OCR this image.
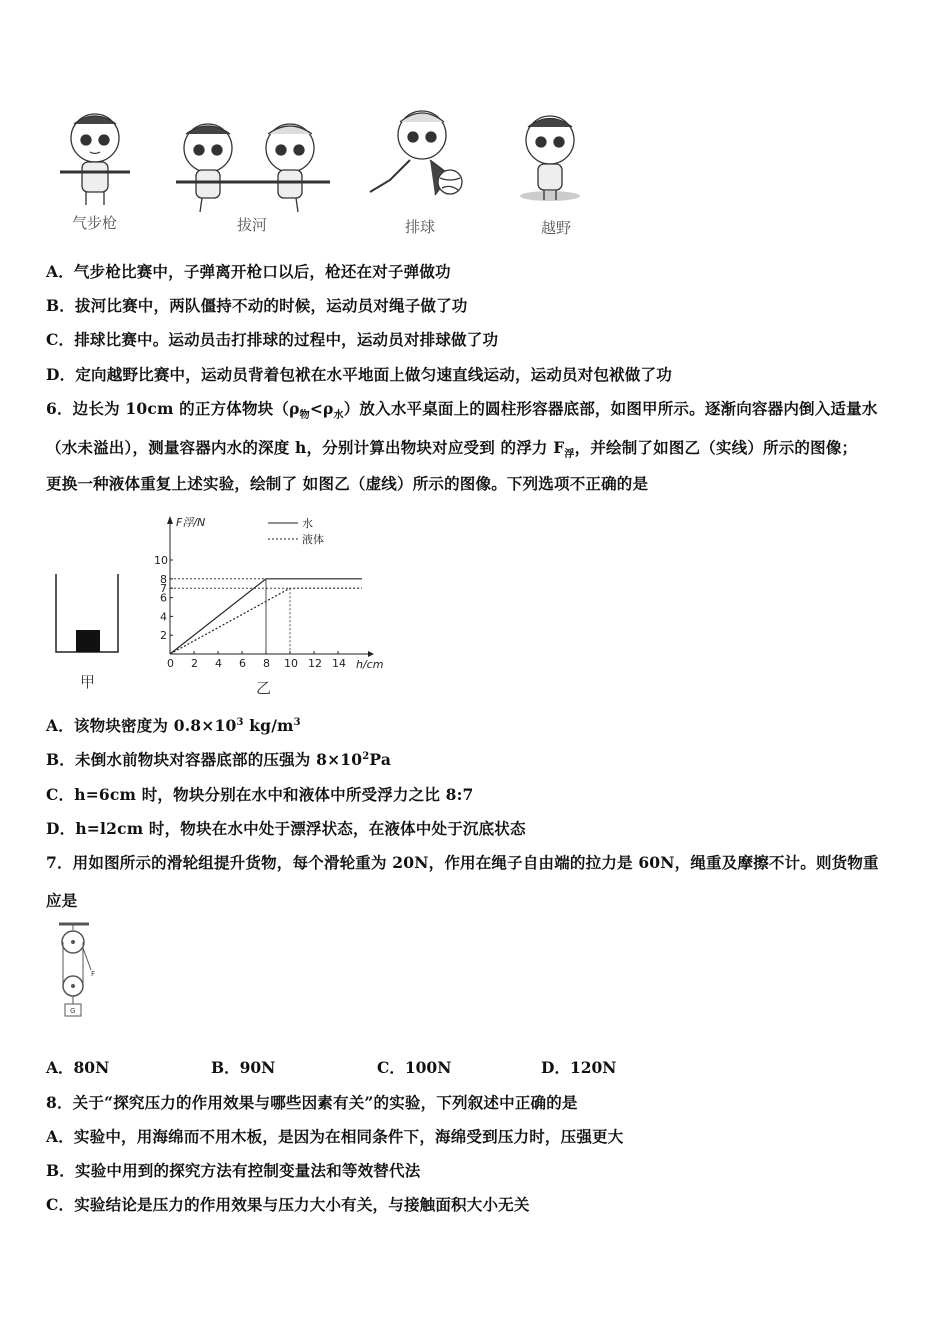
气步枪	拔河	排球	越野
A．气步枪比赛中，子弹离开枪口以后，枪还在对子弹做功
B．拔河比赛中，两队僵持不动的时候，运动员对绳子做了功
C．排球比赛中。运动员击打排球的过程中，运动员对排球做了功
D．定向越野比赛中，运动员背着包袱在水平地面上做匀速直线运动，运动员对包袱做了功
6．边长为 10cm 的正方体物块$(\rho_物<\rho_水)$放入水平桌面上的圆柱形容器底部，如图甲所示。逐渐向容器内倒入适量水
（水未溢出），测量容器内水的深度 h，分别计算出物块对应受到 的浮力 $F_浮$，并绘制了如图乙（实线）所示的图像；
更换一种液体重复上述实验，绘制了 如图乙（虚线）所示的图像。下列选项不正确的是
甲
F浮/N
h/cm
0 2 4 6 8 10 12 14
2
4
6
7
8
10
水
液体
乙
A．该物块密度为 $0.8\times 10^3$ $kg/m^3$
B．未倒水前物块对容器底部的压强为 $8\times 10^2Pa$
C．h=6cm 时，物块分别在水中和液体中所受浮力之比 8:7
D．h=l2cm 时，物块在水中处于漂浮状态，在液体中处于沉底状态
7．用如图所示的滑轮组提升货物，每个滑轮重为 20N，作用在绳子自由端的拉力是 60N，绳重及摩擦不计。则货物重
应是
F
G
A．80N	B．90N	C．100N	D．120N
8．关于“探究压力的作用效果与哪些因素有关”的实验，下列叙述中正确的是
A．实验中，用海绵而不用木板，是因为在相同条件下，海绵受到压力时，压强更大
B．实验中用到的探究方法有控制变量法和等效替代法
C．实验结论是压力的作用效果与压力大小有关，与接触面积大小无关
